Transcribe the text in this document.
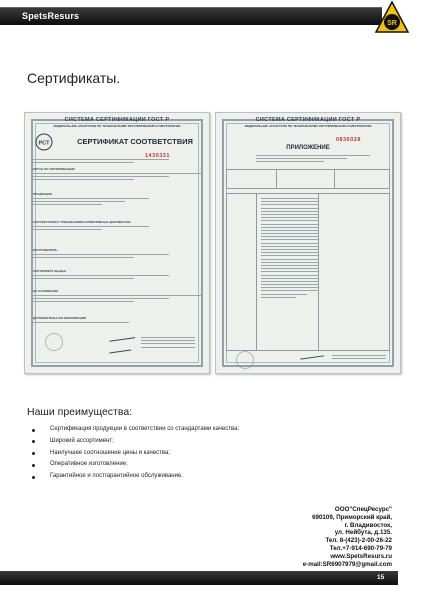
SpetsResurs
SR
Сертификаты.
СИСТЕМА СЕРТИФИКАЦИИ ГОСТ Р
ФЕДЕРАЛЬНОЕ АГЕНТСТВО ПО ТЕХНИЧЕСКОМУ РЕГУЛИРОВАНИЮ И МЕТРОЛОГИИ
PCT	СЕРТИФИКАТ СООТВЕТСТВИЯ
1430331
ОРГАН ПО СЕРТИФИКАЦИИ
ПРОДУКЦИЯ
СООТВЕТСТВУЕТ ТРЕБОВАНИЯМ НОРМАТИВНЫХ ДОКУМЕНТОВ
ИЗГОТОВИТЕЛЬ
СЕРТИФИКАТ ВЫДАН
НА ОСНОВАНИИ
ДОПОЛНИТЕЛЬНАЯ ИНФОРМАЦИЯ
СИСТЕМА СЕРТИФИКАЦИИ ГОСТ Р
ФЕДЕРАЛЬНОЕ АГЕНТСТВО ПО ТЕХНИЧЕСКОМУ РЕГУЛИРОВАНИЮ И МЕТРОЛОГИИ
0836028
ПРИЛОЖЕНИЕ
Наши преимущества:
Сертификация продукции в соответствии со стандартами качества;
Широкий ассортимент;
Наилучшее соотношение цены и качества;
Оперативное изготовление;
Гарантийное и постгарантийное обслуживание.
ООО"СпецРесурс"
690109, Приморский край,
г. Владивосток,
ул. Нейбута, д.135.
Тел. 8-(423)-2-00-26-22
Тел.+7-914-690-79-79
www.SpetsResurs.ru
e-mail:SR6907979@gmail.com
15
